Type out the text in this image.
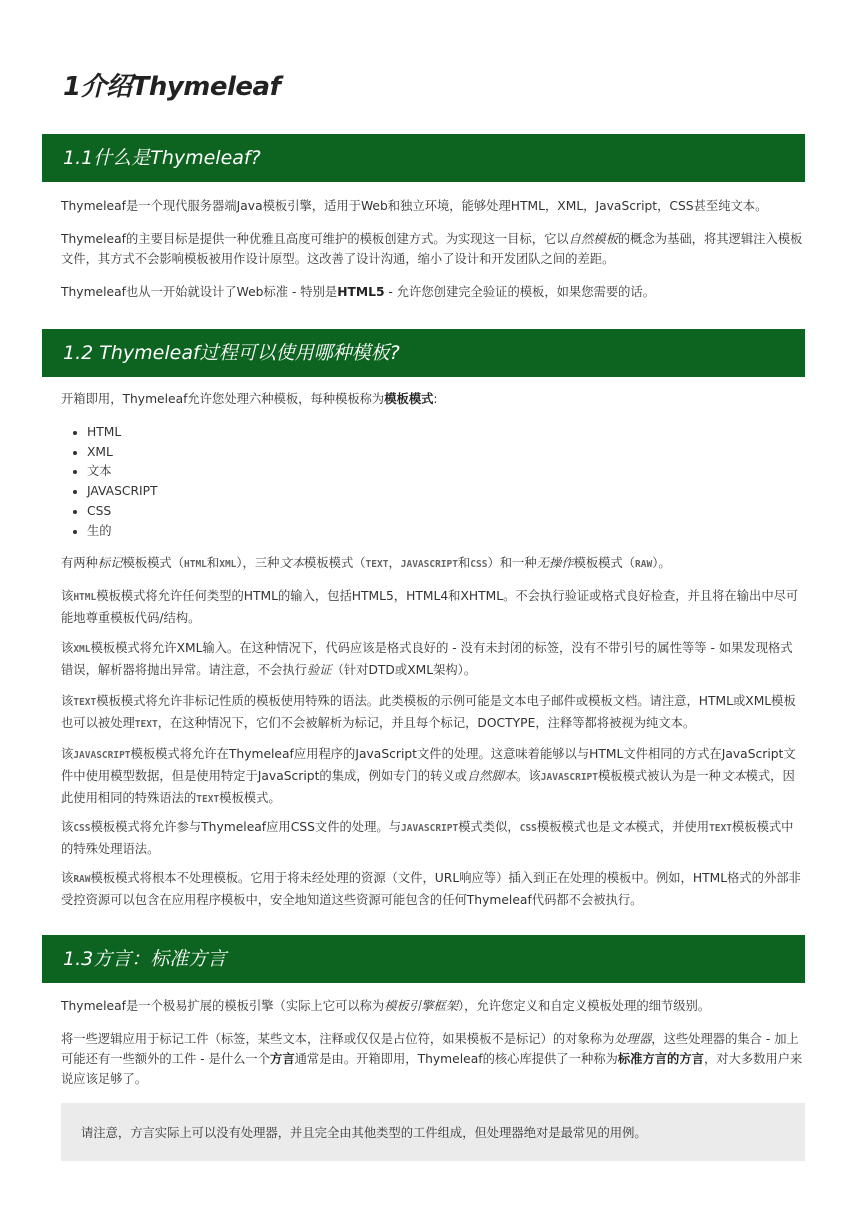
1介绍Thymeleaf
1.1什么是Thymeleaf?

Thymeleaf是一个现代服务器端Java模板引擎，适用于Web和独立环境，能够处理HTML，XML，JavaScript，CSS甚至纯文本。

Thymeleaf的主要目标是提供一种优雅且高度可维护的模板创建方式。为实现这一目标，它以自然模板的概念为基础，将其逻辑注入模板文件，其方式不会影响模板被用作设计原型。这改善了设计沟通，缩小了设计和开发团队之间的差距。

Thymeleaf也从一开始就设计了Web标准 - 特别是HTML5 - 允许您创建完全验证的模板，如果您需要的话。

1.2 Thymeleaf过程可以使用哪种模板?

开箱即用，Thymeleaf允许您处理六种模板，每种模板称为模板模式:

• HTML
• XML
• 文本
• JAVASCRIPT
• CSS
• 生的

有两种标记模板模式（HTML和XML），三种文本模板模式（TEXT，JAVASCRIPT和CSS）和一种无操作模板模式（RAW）。

该HTML模板模式将允许任何类型的HTML的输入，包括HTML5，HTML4和XHTML。不会执行验证或格式良好检查，并且将在输出中尽可能地尊重模板代码/结构。

该XML模板模式将允许XML输入。在这种情况下，代码应该是格式良好的 - 没有未封闭的标签，没有不带引号的属性等等 - 如果发现格式错误，解析器将抛出异常。请注意，不会执行验证（针对DTD或XML架构）。

该TEXT模板模式将允许非标记性质的模板使用特殊的语法。此类模板的示例可能是文本电子邮件或模板文档。请注意，HTML或XML模板也可以被处理TEXT，在这种情况下，它们不会被解析为标记，并且每个标记，DOCTYPE，注释等都将被视为纯文本。

该JAVASCRIPT模板模式将允许在Thymeleaf应用程序的JavaScript文件的处理。这意味着能够以与HTML文件相同的方式在JavaScript文件中使用模型数据，但是使用特定于JavaScript的集成，例如专门的转义或自然脚本。该JAVASCRIPT模板模式被认为是一种文本模式，因此使用相同的特殊语法的TEXT模板模式。

该CSS模板模式将允许参与Thymeleaf应用CSS文件的处理。与JAVASCRIPT模式类似，CSS模板模式也是文本模式，并使用TEXT模板模式中的特殊处理语法。

该RAW模板模式将根本不处理模板。它用于将未经处理的资源（文件，URL响应等）插入到正在处理的模板中。例如，HTML格式的外部非受控资源可以包含在应用程序模板中，安全地知道这些资源可能包含的任何Thymeleaf代码都不会被执行。

1.3方言：标准方言

Thymeleaf是一个极易扩展的模板引擎（实际上它可以称为模板引擎框架），允许您定义和自定义模板处理的细节级别。

将一些逻辑应用于标记工件（标签，某些文本，注释或仅仅是占位符，如果模板不是标记）的对象称为处理器，这些处理器的集合 - 加上可能还有一些额外的工件 - 是什么一个方言通常是由。开箱即用，Thymeleaf的核心库提供了一种称为标准方言的方言，对大多数用户来说应该足够了。

请注意，方言实际上可以没有处理器，并且完全由其他类型的工件组成，但处理器绝对是最常见的用例。
